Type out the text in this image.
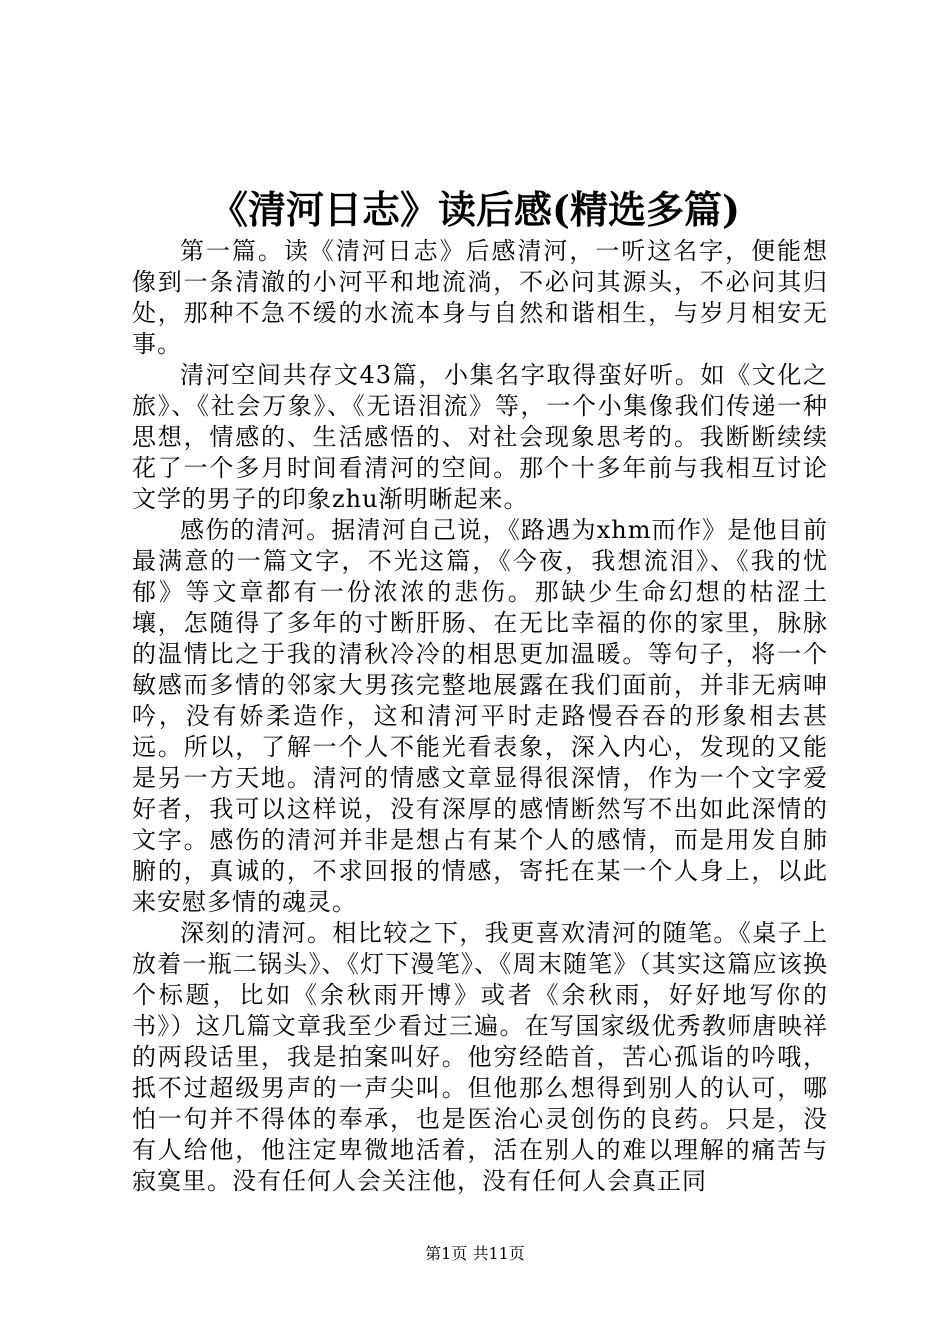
《清河日志》读后感(精选多篇)

第一篇。读《清河日志》后感清河，一听这名字，便能想像到一条清澈的小河平和地流淌，不必问其源头，不必问其归处，那种不急不缓的水流本身与自然和谐相生，与岁月相安无事。

清河空间共存文43篇，小集名字取得蛮好听。如《文化之旅》、《社会万象》、《无语泪流》等，一个小集像我们传递一种思想，情感的、生活感悟的、对社会现象思考的。我断断续续花了一个多月时间看清河的空间。那个十多年前与我相互讨论文学的男子的印象zhu渐明晰起来。

感伤的清河。据清河自己说，《路遇为xhm而作》是他目前最满意的一篇文字，不光这篇，《今夜，我想流泪》、《我的忧郁》等文章都有一份浓浓的悲伤。那缺少生命幻想的枯涩土壤，怎随得了多年的寸断肝肠、在无比幸福的你的家里，脉脉的温情比之于我的清秋冷冷的相思更加温暖。等句子，将一个敏感而多情的邻家大男孩完整地展露在我们面前，并非无病呻吟，没有娇柔造作，这和清河平时走路慢吞吞的形象相去甚远。所以，了解一个人不能光看表象，深入内心，发现的又能是另一方天地。清河的情感文章显得很深情，作为一个文字爱好者，我可以这样说，没有深厚的感情断然写不出如此深情的文字。感伤的清河并非是想占有某个人的感情，而是用发自肺腑的，真诚的，不求回报的情感，寄托在某一个人身上，以此来安慰多情的魂灵。

深刻的清河。相比较之下，我更喜欢清河的随笔。《桌子上放着一瓶二锅头》、《灯下漫笔》、《周末随笔》（其实这篇应该换个标题，比如《余秋雨开博》或者《余秋雨，好好地写你的书》）这几篇文章我至少看过三遍。在写国家级优秀教师唐映祥的两段话里，我是拍案叫好。他穷经皓首，苦心孤诣的吟哦，抵不过超级男声的一声尖叫。但他那么想得到别人的认可，哪怕一句并不得体的奉承，也是医治心灵创伤的良药。只是，没有人给他，他注定卑微地活着，活在别人的难以理解的痛苦与寂寞里。没有任何人会关注他，没有任何人会真正同

第1页 共11页
